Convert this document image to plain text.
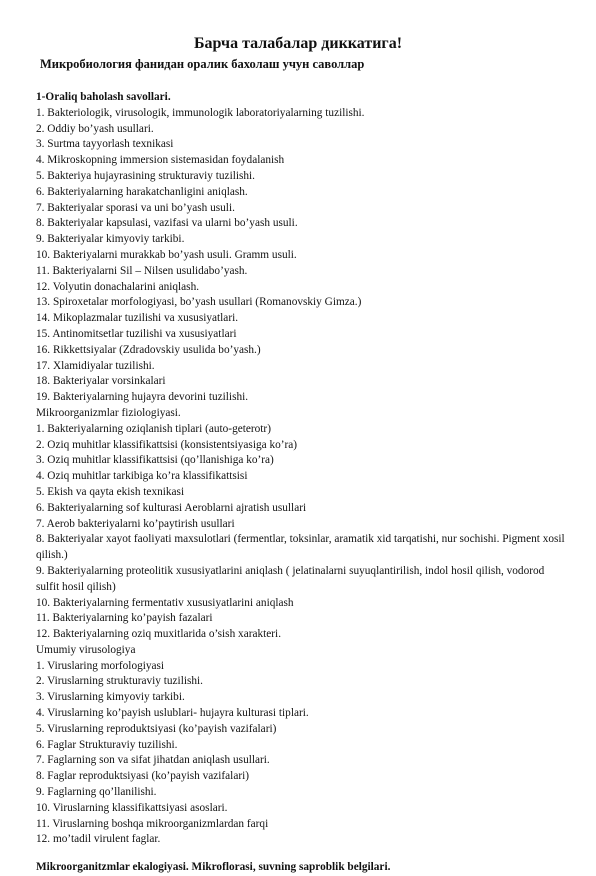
Барча талабалар диккатига!
Микробиология фанидан оралик бахолаш учун саволлар
1-Oraliq baholash savollari.
1. Bakteriologik, virusologik, immunologik laboratoriyalarning tuzilishi.
2. Oddiy bo’yash usullari.
3. Surtma tayyorlash texnikasi
4. Mikroskopning immersion sistemasidan foydalanish
5. Bakteriya hujayrasining strukturaviy tuzilishi.
6. Bakteriyalarning harakatchanligini aniqlash.
7. Bakteriyalar sporasi va uni bo’yash usuli.
8. Bakteriyalar kapsulasi, vazifasi va ularni bo’yash usuli.
9. Bakteriyalar kimyoviy tarkibi.
10. Bakteriyalarni murakkab bo’yash usuli. Gramm usuli.
11. Bakteriyalarni Sil – Nilsen usulidabo’yash.
12. Volyutin donachalarini aniqlash.
13. Spiroxetalar morfologiyasi, bo’yash usullari (Romanovskiy Gimza.)
14. Mikoplazmalar tuzilishi va xususiyatlari.
15. Antinomitsetlar tuzilishi va xususiyatlari
16. Rikkettsiyalar (Zdradovskiy usulida bo’yash.)
17. Xlamidiyalar tuzilishi.
18. Bakteriyalar vorsinkalari
19. Bakteriyalarning hujayra devorini tuzilishi.
Mikroorganizmlar fiziologiyasi.
1. Bakteriyalarning oziqlanish tiplari (auto-geterotr)
2. Oziq muhitlar klassifikattsisi (konsistentsiyasiga ko’ra)
3. Oziq muhitlar klassifikattsisi (qo’llanishiga ko’ra)
4. Oziq muhitlar tarkibiga ko’ra klassifikattsisi
5. Ekish va qayta ekish texnikasi
6. Bakteriyalarning sof kulturasi Aeroblarni ajratish usullari
7. Aerob bakteriyalarni ko’paytirish usullari
8. Bakteriyalar xayot faoliyati maxsulotlari (fermentlar, toksinlar, aramatik xid tarqatishi, nur sochishi. Pigment xosil qilish.)
9. Bakteriyalarning proteolitik xususiyatlarini aniqlash ( jelatinalarni suyuqlantirilish, indol hosil qilish, vodorod sulfit hosil qilish)
10. Bakteriyalarning fermentativ xususiyatlarini aniqlash
11. Bakteriyalarning ko’payish fazalari
12. Bakteriyalarning oziq muxitlarida o’sish xarakteri.
Umumiy virusologiya
1. Viruslaring morfologiyasi
2. Viruslarning strukturaviy tuzilishi.
3. Viruslarning kimyoviy tarkibi.
4. Viruslarning ko’payish uslublari- hujayra kulturasi tiplari.
5. Viruslarning reproduktsiyasi (ko’payish vazifalari)
6. Faglar Strukturaviy tuzilishi.
7. Faglarning son va sifat jihatdan aniqlash usullari.
8. Faglar reproduktsiyasi (ko’payish vazifalari)
9. Faglarning qo’llanilishi.
10. Viruslarning klassifikattsiyasi asoslari.
11. Viruslarning boshqa mikroorganizmlardan farqi
12. mo’tadil virulent faglar.
Mikroorganitzmlar ekalogiyasi. Mikroflorasi, suvning saproblik belgilari.
